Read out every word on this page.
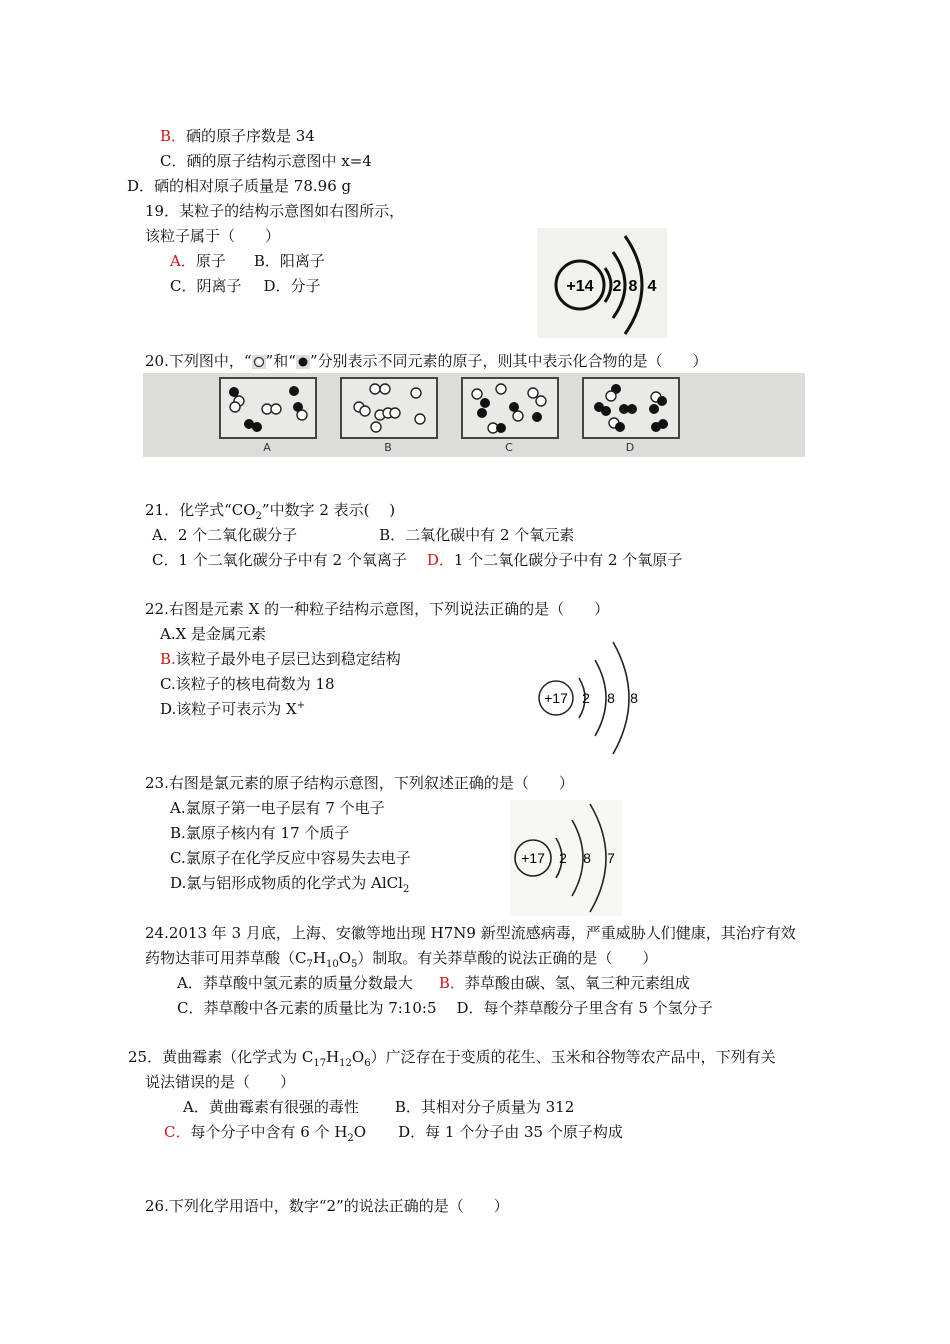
B．硒的原子序数是 34
C．硒的原子结构示意图中 x=4
D．硒的相对原子质量是 78.96 g
19．某粒子的结构示意图如右图所示，
该粒子属于（　　）
A．原子 B．阳离子
C．阴离子 D．分子	+14 2 8 4
20.下列图中，“ ”和“ ”分别表示不同元素的原子，则其中表示化合物的是（　　）
A	B	C	D
21．化学式“$CO_2$”中数字 2 表示(　 )
A．2 个二氧化碳分子	B．二氧化碳中有 2 个氧元素
C．1 个二氧化碳分子中有 2 个氧离子 D．1 个二氧化碳分子中有 2 个氧原子
22.右图是元素 X 的一种粒子结构示意图，下列说法正确的是（　　）
A.X 是金属元素
B.该粒子最外电子层已达到稳定结构
C.该粒子的核电荷数为 18
D.该粒子可表示为 X+	+17 2 8 8
23.右图是氯元素的原子结构示意图，下列叙述正确的是（　　）
A.氯原子第一电子层有 7 个电子
B.氯原子核内有 17 个质子
C.氯原子在化学反应中容易失去电子
D.氯与铝形成物质的化学式为 AlCl$_2$
+17 2 8 7
24.2013 年 3 月底，上海、安徽等地出现 H7N9 新型流感病毒，严重威胁人们健康，其治疗有效
药物达菲可用莽草酸$(C_7H_{10}O_5)$制取。有关莽草酸的说法正确的是（　　）
A．莽草酸中氢元素的质量分数最大 B．莽草酸由碳、氢、氧三种元素组成
C．莽草酸中各元素的质量比为 7:10:5 D．每个莽草酸分子里含有 5 个氢分子
25．黄曲霉素（化学式为 $C_{17}H_{12}O_6$）广泛存在于变质的花生、玉米和谷物等农产品中，下列有关
说法错误的是（　　）
A．黄曲霉素有很强的毒性 B．其相对分子质量为 312
C．每个分子中含有 6 个 $H_2O$ D．每 1 个分子由 35 个原子构成
26.下列化学用语中，数字“2”的说法正确的是（　　）
